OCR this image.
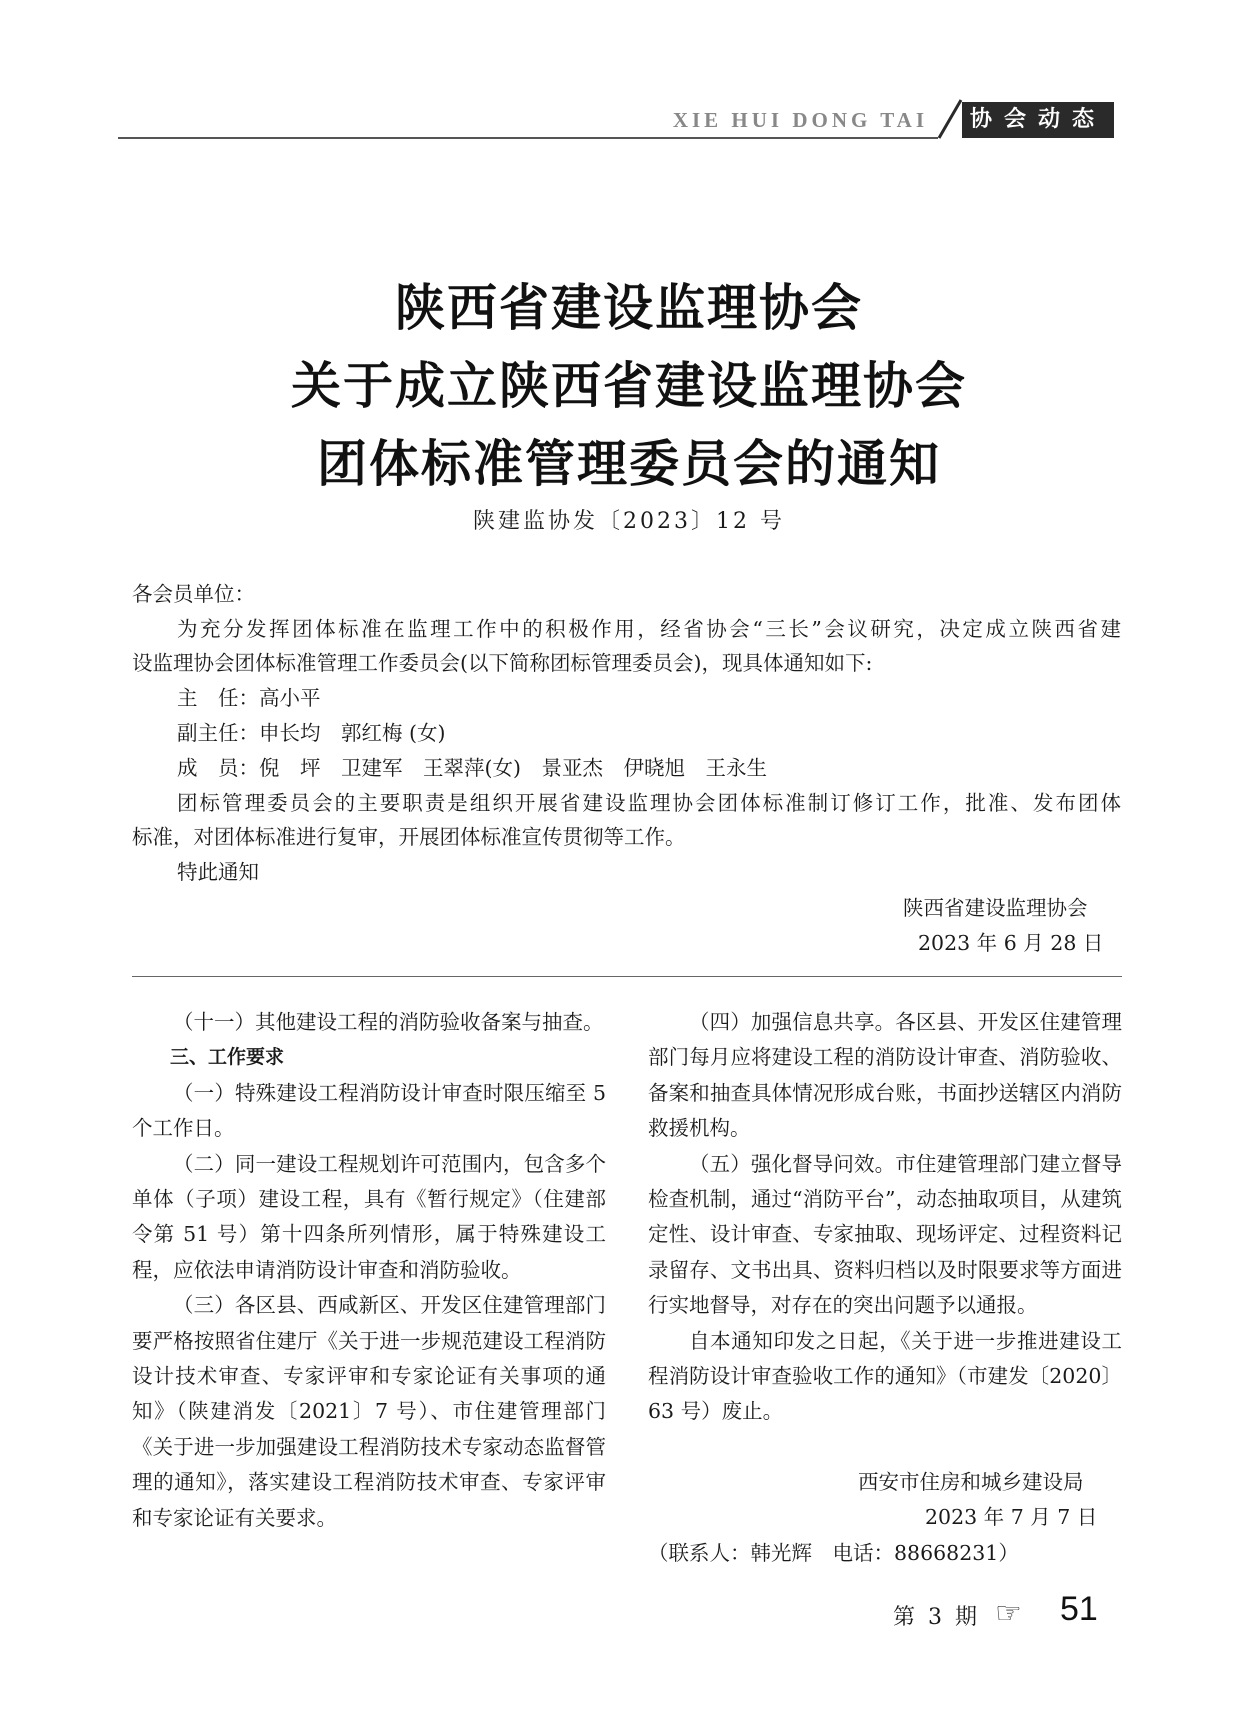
XIE HUI DONG TAI	协会动态
陕西省建设监理协会
关于成立陕西省建设监理协会
团体标准管理委员会的通知
陕建监协发〔2023〕12 号
各会员单位：
为充分发挥团体标准在监理工作中的积极作用，经省协会“三长”会议研究，决定成立陕西省建
设监理协会团体标准管理工作委员会(以下简称团标管理委员会)，现具体通知如下:
主　任：高小平
副主任：申长均　郭红梅 (女)
成　员：倪　坪　卫建军　王翠萍(女)　景亚杰　伊晓旭　王永生
团标管理委员会的主要职责是组织开展省建设监理协会团体标准制订修订工作，批准、发布团体
标准，对团体标准进行复审，开展团体标准宣传贯彻等工作。
特此通知
陕西省建设监理协会
2023 年 6 月 28 日

（十一）其他建设工程的消防验收备案与抽查。

三、工作要求

（一）特殊建设工程消防设计审查时限压缩至 5 个工作日。

（二）同一建设工程规划许可范围内，包含多个单体（子项）建设工程，具有《暂行规定》（住建部令第 51 号）第十四条所列情形，属于特殊建设工程，应依法申请消防设计审查和消防验收。

（三）各区县、西咸新区、开发区住建管理部门要严格按照省住建厅《关于进一步规范建设工程消防设计技术审查、专家评审和专家论证有关事项的通知》（陕建消发〔2021〕7 号）、市住建管理部门《关于进一步加强建设工程消防技术专家动态监督管理的通知》，落实建设工程消防技术审查、专家评审和专家论证有关要求。

（四）加强信息共享。各区县、开发区住建管理部门每月应将建设工程的消防设计审查、消防验收、备案和抽查具体情况形成台账，书面抄送辖区内消防救援机构。

（五）强化督导问效。市住建管理部门建立督导检查机制，通过“消防平台”，动态抽取项目，从建筑定性、设计审查、专家抽取、现场评定、过程资料记录留存、文书出具、资料归档以及时限要求等方面进行实地督导，对存在的突出问题予以通报。

自本通知印发之日起，《关于进一步推进建设工程消防设计审查验收工作的通知》（市建发〔2020〕63 号）废止。

西安市住房和城乡建设局
2023 年 7 月 7 日
（联系人：韩光辉　电话：88668231）
第 3 期 ☞ 51
